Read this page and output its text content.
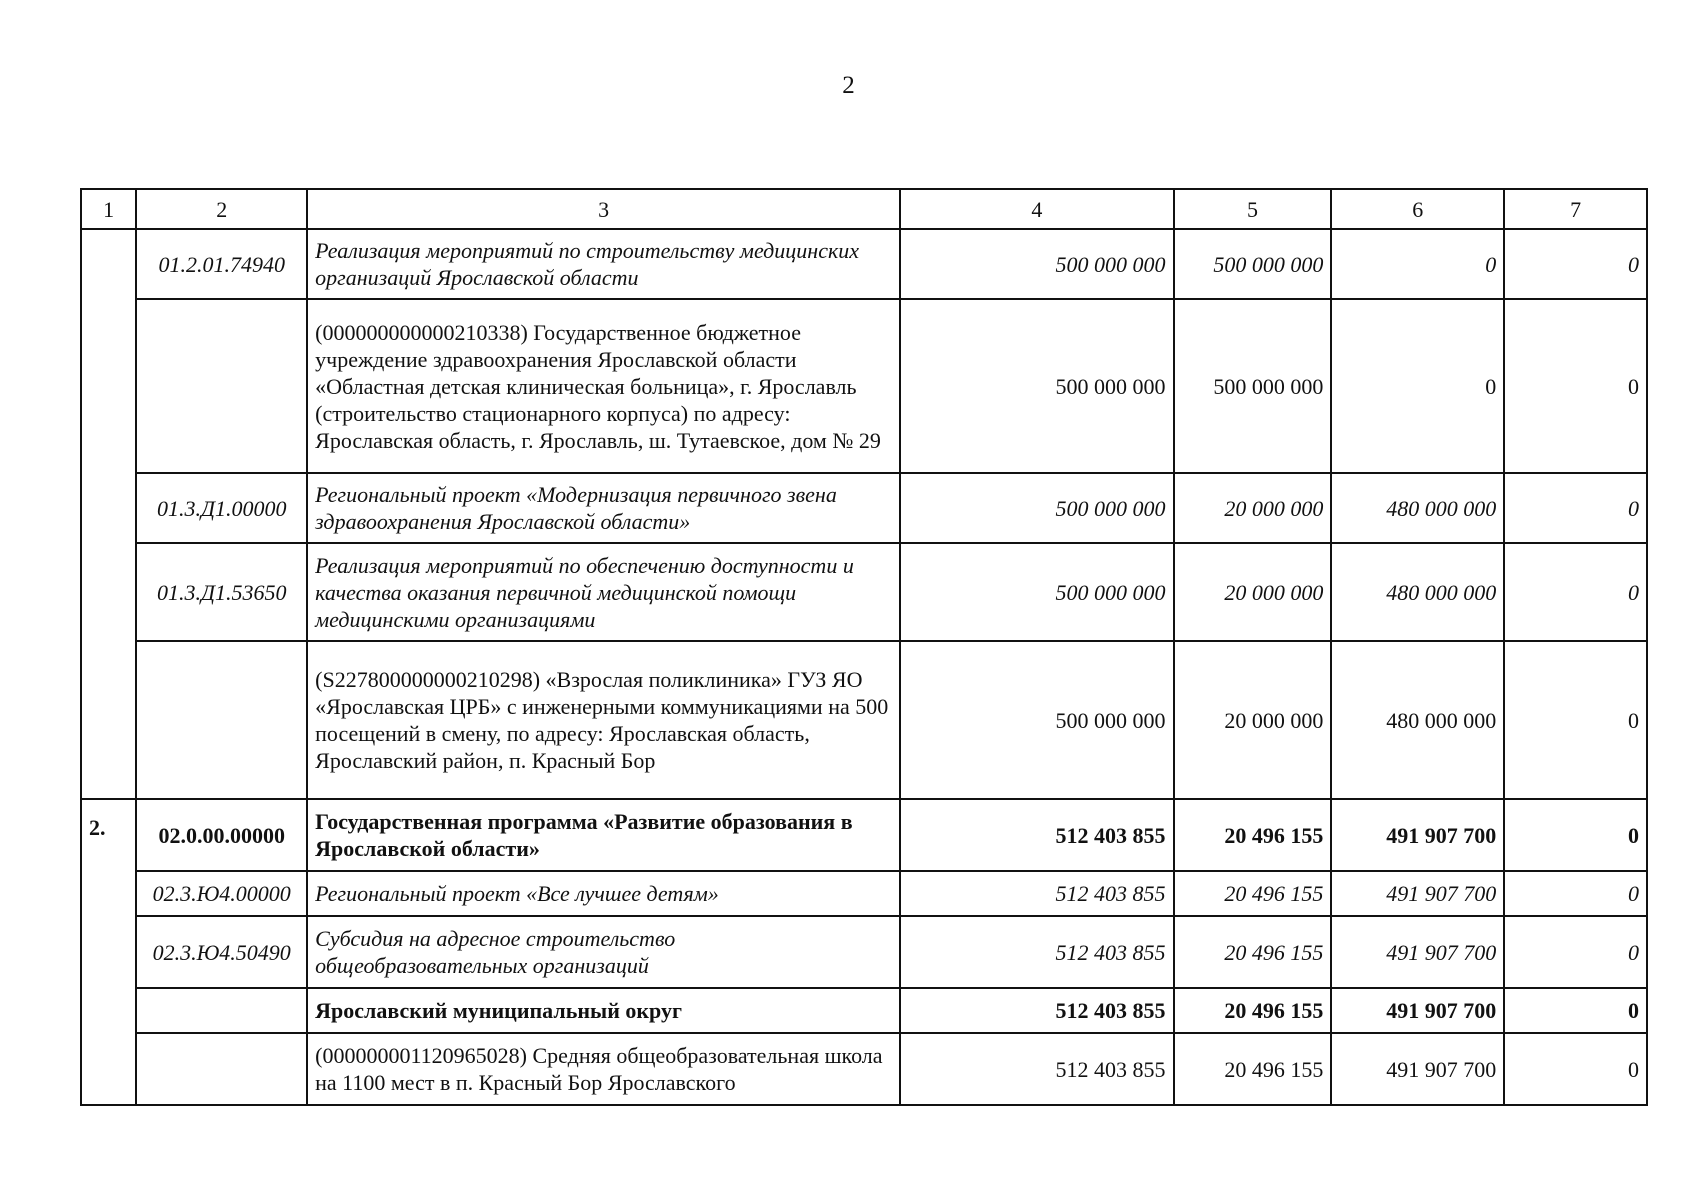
2
1	2	3	4	5	6	7
	01.2.01.74940	Реализация мероприятий по строительству медицинских организаций Ярославской области	500 000 000	500 000 000	0	0
		(000000000000210338) Государственное бюджетное учреждение здравоохранения Ярославской области «Областная детская клиническая больница», г. Ярославль (строительство стационарного корпуса) по адресу: Ярославская область, г. Ярославль, ш. Тутаевское, дом № 29	500 000 000	500 000 000	0	0
	01.3.Д1.00000	Региональный проект «Модернизация первичного звена здравоохранения Ярославской области»	500 000 000	20 000 000	480 000 000	0
	01.3.Д1.53650	Реализация мероприятий по обеспечению доступности и качества оказания первичной медицинской помощи медицинскими организациями	500 000 000	20 000 000	480 000 000	0
		(S227800000000210298) «Взрослая поликлиника» ГУЗ ЯО «Ярославская ЦРБ» с инженерными коммуникациями на 500 посещений в смену, по адресу: Ярославская область, Ярославский район, п. Красный Бор	500 000 000	20 000 000	480 000 000	0
2.	02.0.00.00000	Государственная программа «Развитие образования в Ярославской области»	512 403 855	20 496 155	491 907 700	0
	02.3.Ю4.00000	Региональный проект «Все лучшее детям»	512 403 855	20 496 155	491 907 700	0
	02.3.Ю4.50490	Субсидия на адресное строительство общеобразовательных организаций	512 403 855	20 496 155	491 907 700	0
		Ярославский муниципальный округ	512 403 855	20 496 155	491 907 700	0
		(000000001120965028) Средняя общеобразовательная школа на 1100 мест в п. Красный Бор Ярославского	512 403 855	20 496 155	491 907 700	0
